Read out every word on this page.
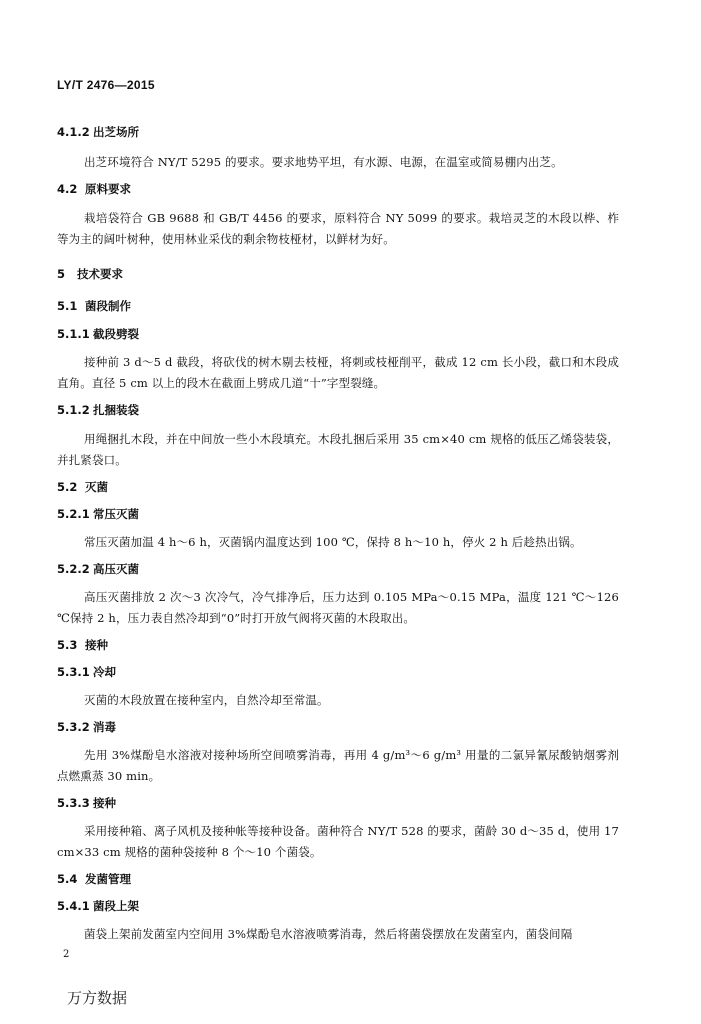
LY/T 2476—2015
4.1.2 出芝场所
出芝环境符合 NY/T 5295 的要求。要求地势平坦，有水源、电源，在温室或简易棚内出芝。
4.2 原料要求
栽培袋符合 GB 9688 和 GB/T 4456 的要求，原料符合 NY 5099 的要求。栽培灵芝的木段以桦、柞等为主的阔叶树种，使用林业采伐的剩余物枝桠材，以鲜材为好。
5 技术要求
5.1 菌段制作
5.1.1 截段劈裂
接种前 3 d～5 d 截段，将砍伐的树木剔去枝桠，将刺或枝桠削平，截成 12 cm 长小段，截口和木段成直角。直径 5 cm 以上的段木在截面上劈成几道“十”字型裂缝。
5.1.2 扎捆装袋
用绳捆扎木段，并在中间放一些小木段填充。木段扎捆后采用 35 cm×40 cm 规格的低压乙烯袋装袋，并扎紧袋口。
5.2 灭菌
5.2.1 常压灭菌
常压灭菌加温 4 h～6 h，灭菌锅内温度达到 100 ℃，保持 8 h～10 h，停火 2 h 后趁热出锅。
5.2.2 高压灭菌
高压灭菌排放 2 次～3 次冷气，冷气排净后，压力达到 0.105 MPa～0.15 MPa，温度 121 ℃～126 ℃保持 2 h，压力表自然冷却到“0”时打开放气阀将灭菌的木段取出。
5.3 接种
5.3.1 冷却
灭菌的木段放置在接种室内，自然冷却至常温。
5.3.2 消毒
先用 3%煤酚皂水溶液对接种场所空间喷雾消毒，再用 4 g/m³～6 g/m³ 用量的二氯异氰尿酸钠烟雾剂点燃熏蒸 30 min。
5.3.3 接种
采用接种箱、离子风机及接种帐等接种设备。菌种符合 NY/T 528 的要求，菌龄 30 d～35 d，使用 17 cm×33 cm 规格的菌种袋接种 8 个～10 个菌袋。
5.4 发菌管理
5.4.1 菌段上架
菌袋上架前发菌室内空间用 3%煤酚皂水溶液喷雾消毒，然后将菌袋摆放在发菌室内，菌袋间隔
2
万方数据
